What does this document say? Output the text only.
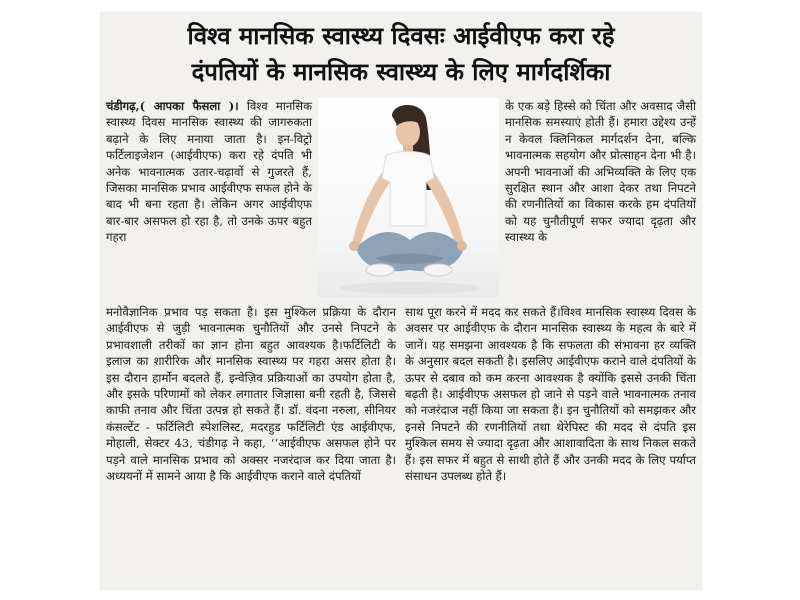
विश्व मानसिक स्वास्थ्य दिवसः आईवीएफ करा रहे
दंपतियों के मानसिक स्वास्थ्य के लिए मार्गदर्शिका

चंडीगढ़,( आपका फैसला )। विश्व मानसिक स्वास्थ्य दिवस मानसिक स्वास्थ्य की जागरुकता बढ़ाने के लिए मनाया जाता है। इन-विट्रो फर्टिलाइजेशन (आईवीएफ) करा रहे दंपति भी अनेक भावनात्मक उतार-चढ़ावों से गुजरते हैं, जिसका मानसिक प्रभाव आईवीएफ सफल होने के बाद भी बना रहता है। लेकिन अगर आईवीएफ बार-बार असफल हो रहा है, तो उनके ऊपर बहुत गहरा

मनोवैज्ञानिक प्रभाव पड़ सकता है। इस मुश्किल प्रक्रिया के दौरान आईवीएफ से जुड़ी भावनात्मक चुनौतियों और उनसे निपटने के प्रभावशाली तरीकों का ज्ञान होना बहुत आवश्यक है।फर्टिलिटी के इलाज का शारीरिक और मानसिक स्वास्थ्य पर गहरा असर होता है। इस दौरान हार्मोन बदलते हैं, इन्वेज़िव प्रक्रियाओं का उपयोग होता है, और इसके परिणामों को लेकर लगातार जिज्ञासा बनी रहती है, जिससे काफी तनाव और चिंता उत्पन्न हो सकते हैं। डॉ. वंदना नरुला, सीनियर कंसल्टेंट - फर्टिलिटी स्पेशलिस्ट, मदरहुड फर्टिलिटी एंड आईवीएफ, मोहाली, सेक्टर 43, चंडीगढ़ ने कहा, ‘‘आईवीएफ असफल होने पर पड़ने वाले मानसिक प्रभाव को अक्सर नजरंदाज कर दिया जाता है। अध्ययनों में सामने आया है कि आईवीएफ कराने वाले दंपतियों

के एक बड़े हिस्से को चिंता और अवसाद जैसी मानसिक समस्याएं होती हैं। हमारा उद्देश्य उन्हें न केवल क्लिनिकल मार्गदर्शन देना, बल्कि भावनात्मक सहयोग और प्रोत्साहन देना भी है। अपनी भावनाओं की अभिव्यक्ति के लिए एक सुरक्षित स्थान और आशा देकर तथा निपटने की रणनीतियों का विकास करके हम दंपतियों को यह चुनौतीपूर्ण सफर ज्यादा दृढ़ता और स्वास्थ्य के

साथ पूरा करने में मदद कर सकते हैं।विश्व मानसिक स्वास्थ्य दिवस के अवसर पर आईवीएफ के दौरान मानसिक स्वास्थ्य के महत्व के बारे में जानें। यह समझना आवश्यक है कि सफलता की संभावना हर व्यक्ति के अनुसार बदल सकती है। इसलिए आईवीएफ कराने वाले दंपतियों के ऊपर से दबाव को कम करना आवश्यक है क्योंकि इससे उनकी चिंता बढ़ती है। आईवीएफ असफल हो जाने से पड़ने वाले भावनात्मक तनाव को नजरंदाज नहीं किया जा सकता है। इन चुनौतियों को समझकर और इनसे निपटने की रणनीतियों तथा थेरेपिस्ट की मदद से दंपति इस मुश्किल समय से ज्यादा दृढ़ता और आशावादिता के साथ निकल सकते हैं। इस सफर में बहुत से साथी होते हैं और उनकी मदद के लिए पर्याप्त संसाधन उपलब्ध होते हैं।
